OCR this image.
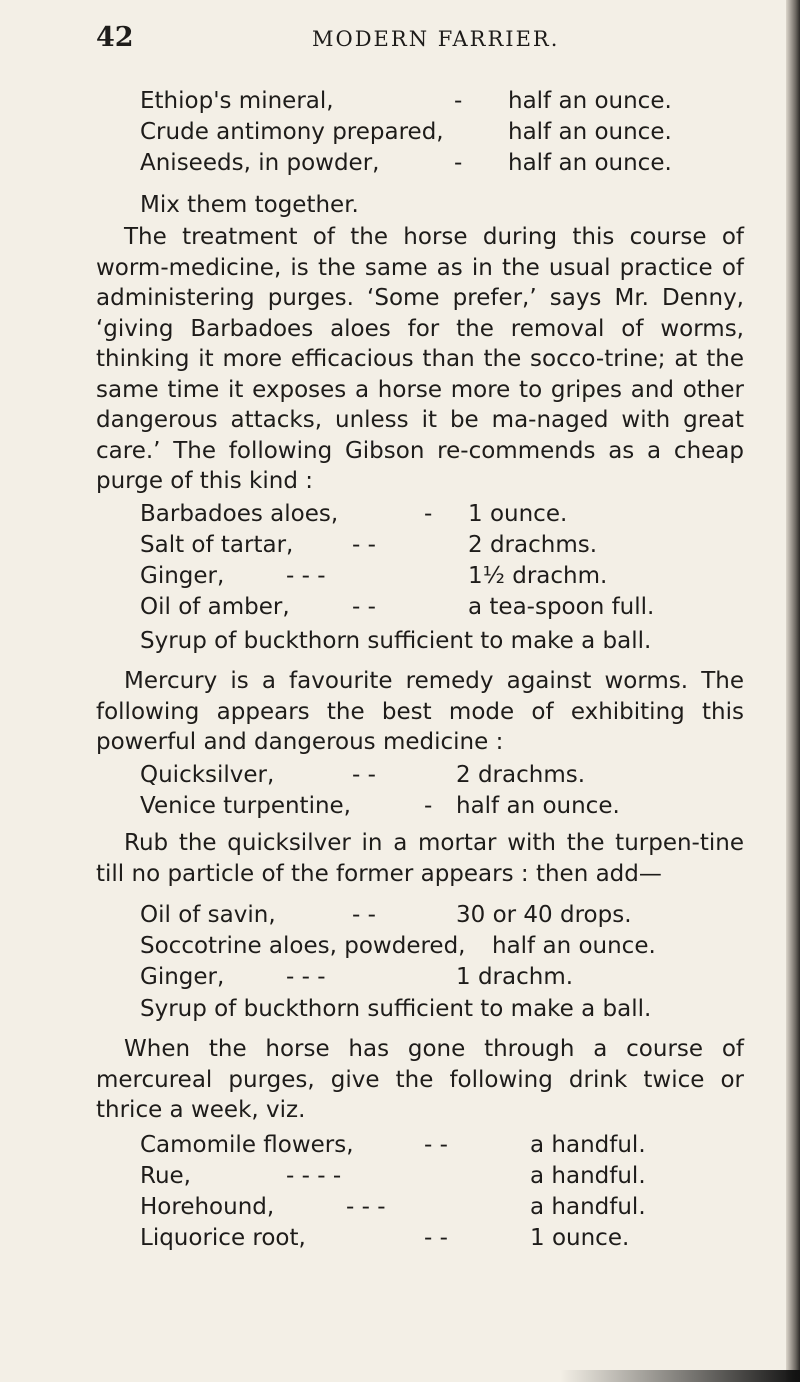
42	MODERN FARRIER.
Ethiop's mineral,	- half an ounce.
Crude antimony prepared,	half an ounce.
Aniseeds, in powder,	- half an ounce.
Mix them together.
The treatment of the horse during this course of worm-medicine, is the same as in the usual practice of administering purges. ‘Some prefer,’ says Mr. Denny, ‘giving Barbadoes aloes for the removal of worms, thinking it more efficacious than the socco-trine; at the same time it exposes a horse more to gripes and other dangerous attacks, unless it be ma-naged with great care.’ The following Gibson re-commends as a cheap purge of this kind :
Barbadoes aloes,	- 1 ounce.
Salt of tartar,	- -	2 drachms.
Ginger,	- - -	1½ drachm.
Oil of amber,	- -	a tea-spoon full.
Syrup of buckthorn sufficient to make a ball.
Mercury is a favourite remedy against worms. The following appears the best mode of exhibiting this powerful and dangerous medicine :
Quicksilver,	- -	2 drachms.
Venice turpentine,	- half an ounce.
Rub the quicksilver in a mortar with the turpen-tine till no particle of the former appears : then add—
Oil of savin,	- -	30 or 40 drops.
Soccotrine aloes, powdered, half an ounce.
Ginger,	- - -	1 drachm.
Syrup of buckthorn sufficient to make a ball.
When the horse has gone through a course of mercureal purges, give the following drink twice or thrice a week, viz.
Camomile flowers,	- -	a handful.
Rue,	- - - -	a handful.
Horehound,	- - -	a handful.
Liquorice root,	- -	1 ounce.
